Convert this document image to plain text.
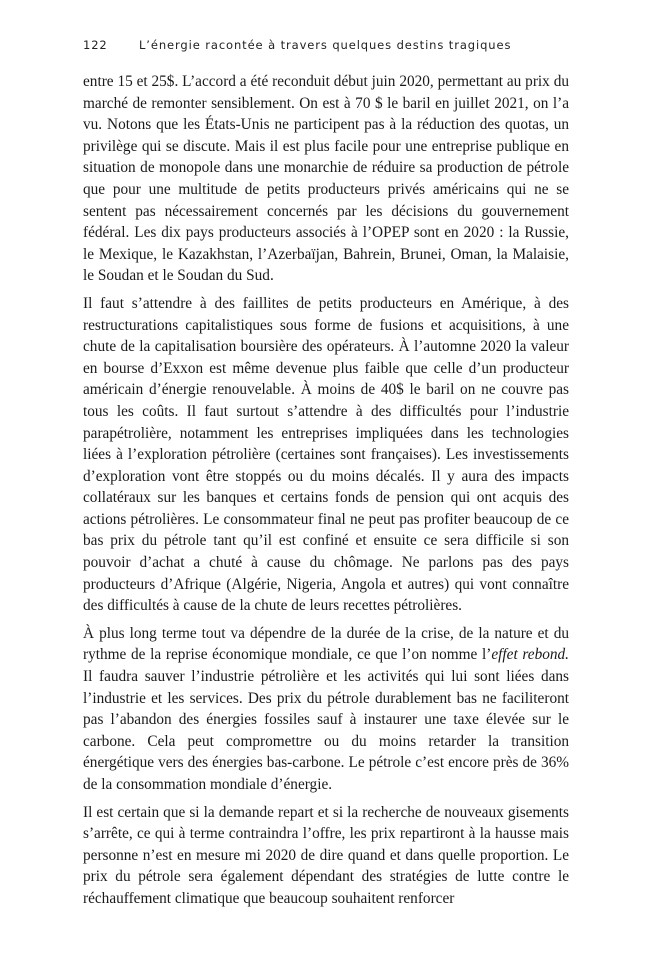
122	L’énergie racontée à travers quelques destins tragiques

entre 15 et 25$. L’accord a été reconduit début juin 2020, permettant au prix du marché de remonter sensiblement. On est à 70 $ le baril en juillet 2021, on l’a vu. Notons que les États-Unis ne participent pas à la réduction des quotas, un privilège qui se discute. Mais il est plus facile pour une entreprise publique en situation de monopole dans une monarchie de réduire sa production de pétrole que pour une multitude de petits producteurs privés américains qui ne se sentent pas nécessairement concernés par les décisions du gouvernement fédéral. Les dix pays producteurs associés à l’OPEP sont en 2020 : la Russie, le Mexique, le Kazakhstan, l’Azerbaïjan, Bahrein, Brunei, Oman, la Malaisie, le Soudan et le Soudan du Sud.

Il faut s’attendre à des faillites de petits producteurs en Amérique, à des restructurations capitalistiques sous forme de fusions et acquisitions, à une chute de la capitalisation boursière des opérateurs. À l’automne 2020 la valeur en bourse d’Exxon est même devenue plus faible que celle d’un producteur américain d’énergie renouvelable. À moins de 40$ le baril on ne couvre pas tous les coûts. Il faut surtout s’attendre à des difficultés pour l’industrie parapétrolière, notamment les entreprises impliquées dans les technologies liées à l’exploration pétrolière (certaines sont françaises). Les investissements d’exploration vont être stoppés ou du moins décalés. Il y aura des impacts collatéraux sur les banques et certains fonds de pension qui ont acquis des actions pétrolières. Le consommateur final ne peut pas profiter beaucoup de ce bas prix du pétrole tant qu’il est confiné et ensuite ce sera difficile si son pouvoir d’achat a chuté à cause du chômage. Ne parlons pas des pays producteurs d’Afrique (Algérie, Nigeria, Angola et autres) qui vont connaître des difficultés à cause de la chute de leurs recettes pétrolières.

À plus long terme tout va dépendre de la durée de la crise, de la nature et du rythme de la reprise économique mondiale, ce que l’on nomme l’effet rebond. Il faudra sauver l’industrie pétrolière et les activités qui lui sont liées dans l’industrie et les services. Des prix du pétrole durablement bas ne faciliteront pas l’abandon des énergies fossiles sauf à instaurer une taxe élevée sur le carbone. Cela peut compromettre ou du moins retarder la transition énergétique vers des énergies bas-carbone. Le pétrole c’est encore près de 36% de la consommation mondiale d’énergie.

Il est certain que si la demande repart et si la recherche de nouveaux gisements s’arrête, ce qui à terme contraindra l’offre, les prix repartiront à la hausse mais personne n’est en mesure mi 2020 de dire quand et dans quelle proportion. Le prix du pétrole sera également dépendant des stratégies de lutte contre le réchauffement climatique que beaucoup souhaitent renforcer
